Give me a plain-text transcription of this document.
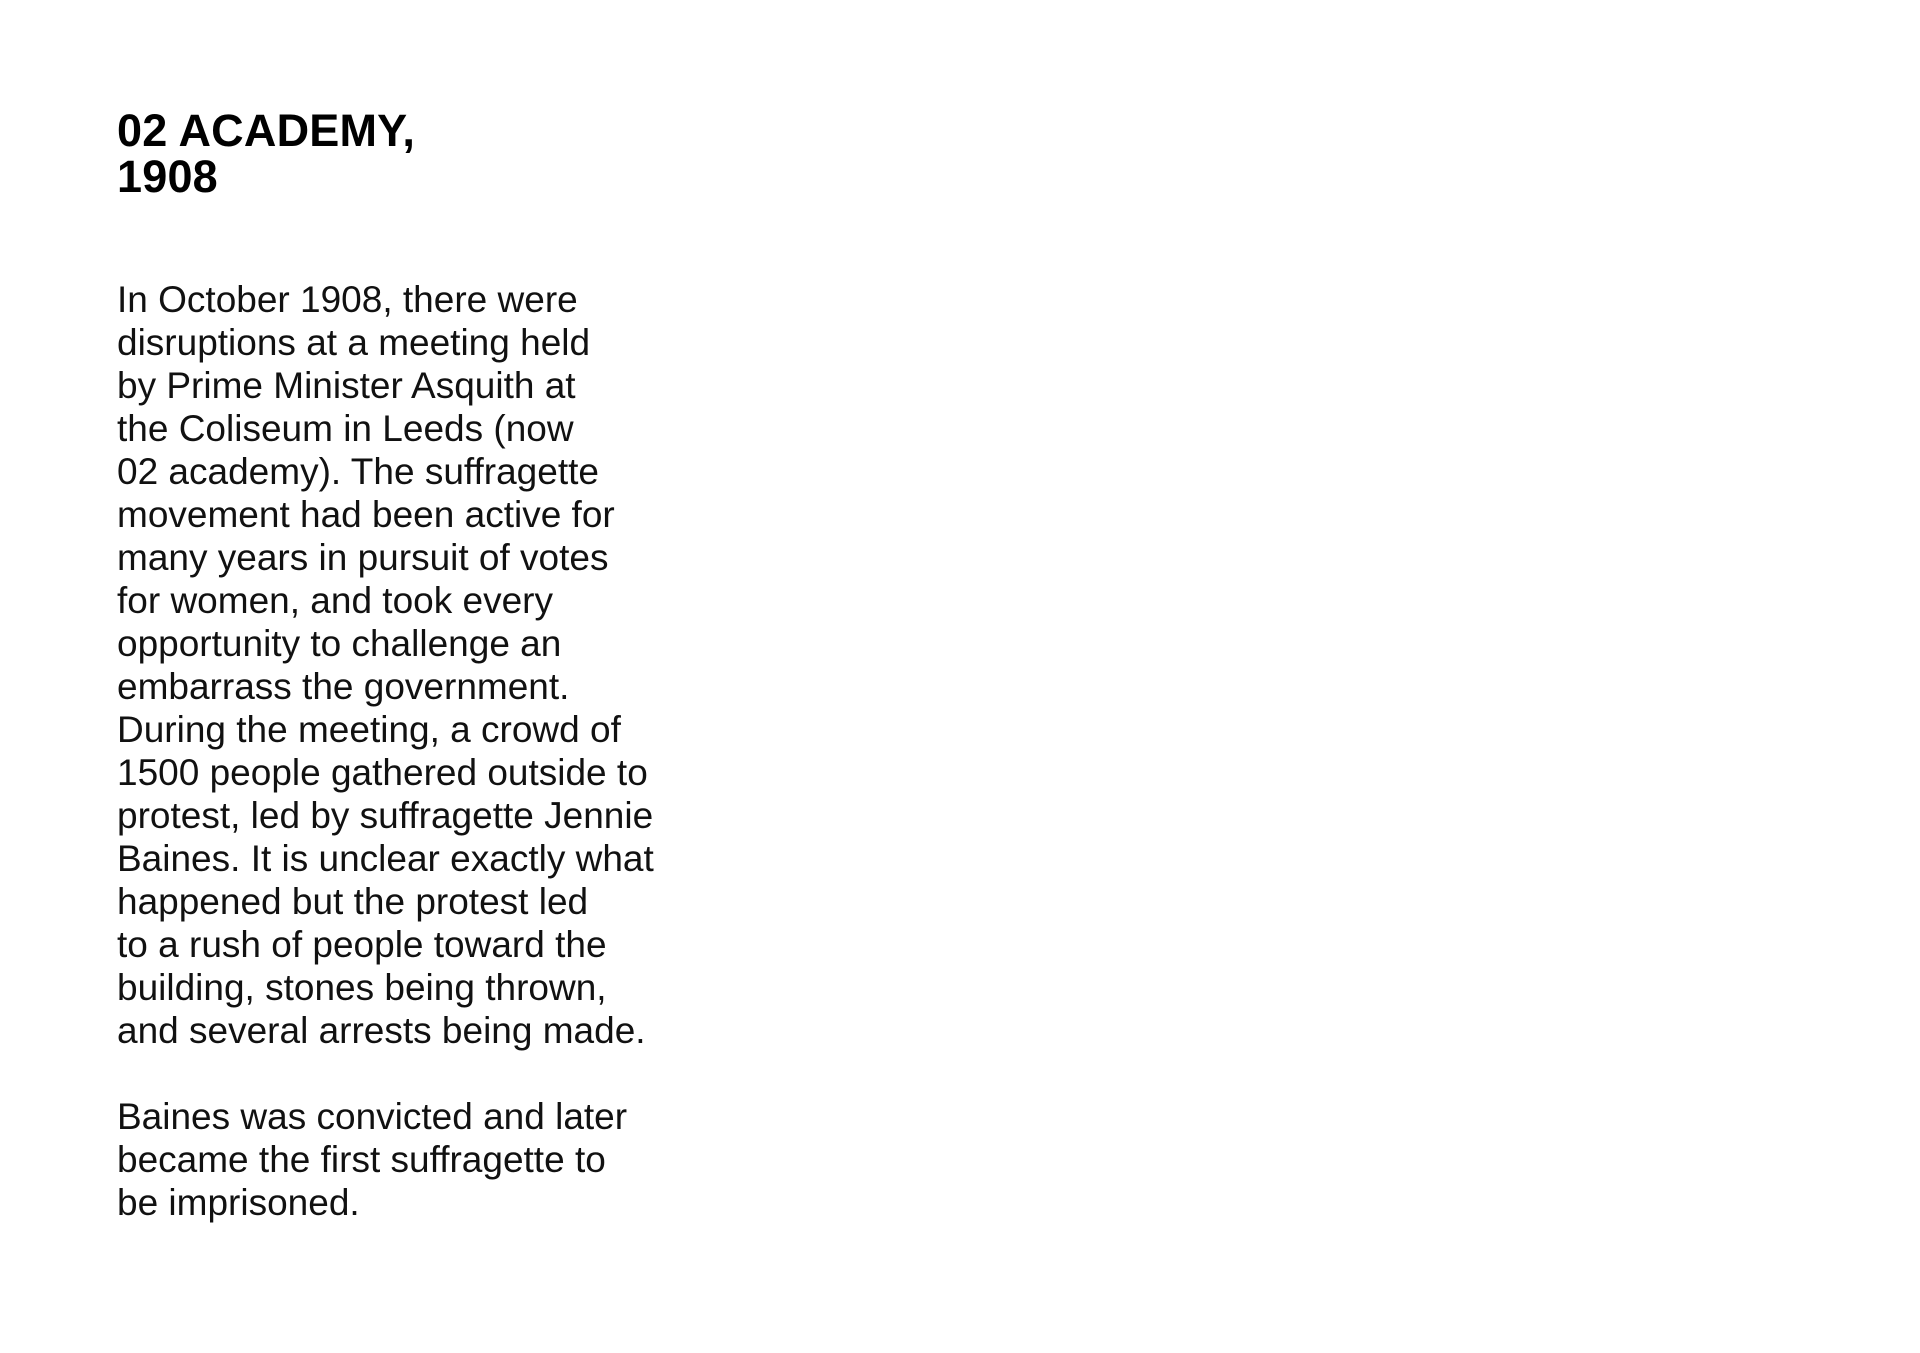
02 ACADEMY,
1908

In October 1908, there were
disruptions at a meeting held
by Prime Minister Asquith at
the Coliseum in Leeds (now
02 academy). The suffragette
movement had been active for
many years in pursuit of votes
for women, and took every
opportunity to challenge an
embarrass the government.
During the meeting, a crowd of
1500 people gathered outside to
protest, led by suffragette Jennie
Baines. It is unclear exactly what
happened but the protest led
to a rush of people toward the
building, stones being thrown,
and several arrests being made.

Baines was convicted and later
became the first suffragette to
be imprisoned.
